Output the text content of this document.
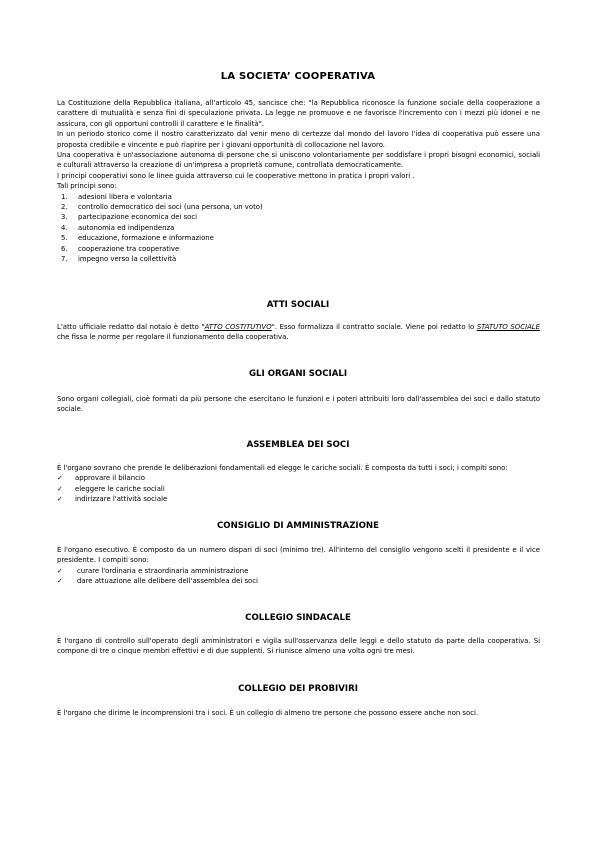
LA SOCIETA’ COOPERATIVA

La Costituzione della Repubblica italiana, all'articolo 45, sancisce che: "la Repubblica riconosce la funzione sociale della cooperazione a carattere di mutualità e senza fini di speculazione privata. La legge ne promuove e ne favorisce l'incremento con i mezzi più idonei e ne assicura, con gli opportuni controlli il carattere e le finalità".

In un periodo storico come il nostro caratterizzato dal venir meno di certezze dal mondo del lavoro l'idea di cooperativa può essere una proposta credibile e vincente e può riaprire per i giovani opportunità di collocazione nel lavoro.

Una cooperativa è un'associazione autonoma di persone che si uniscono volontariamente per soddisfare i propri bisogni economici, sociali e culturali attraverso la creazione di un'impresa a proprietà comune, controllata democraticamente.

I principi cooperativi sono le linee guida attraverso cui le cooperative mettono in pratica i propri valori .

Tali principi sono:

1. adesioni libera e volontaria
2. controllo democratico dei soci (una persona, un voto)
3. partecipazione economica dei soci
4. autonomia ed indipendenza
5. educazione, formazione e informazione
6. cooperazione tra cooperative
7. impegno verso la collettività
ATTI SOCIALI

L'atto ufficiale redatto dal notaio è detto "ATTO COSTITUTIVO". Esso formalizza il contratto sociale. Viene poi redatto lo STATUTO SOCIALE che fissa le norme per regolare il funzionamento della cooperativa.

GLI ORGANI SOCIALI

Sono organi collegiali, cioè formati da più persone che esercitano le funzioni e i poteri attribuiti loro dall'assemblea dei soci e dallo statuto sociale.

ASSEMBLEA DEI SOCI

È l'organo sovrano che prende le deliberazioni fondamentali ed elegge le cariche sociali. È composta da tutti i soci; i compiti sono:

✓ approvare il bilancio
✓ eleggere le cariche sociali
✓ indirizzare l'attività sociale
CONSIGLIO DI AMMINISTRAZIONE

È l'organo esecutivo. È composto da un numero dispari di soci (minimo tre). All'interno del consiglio vengono scelti il presidente e il vice presidente. I compiti sono:

✓ curare l'ordinaria e straordinaria amministrazione
✓ dare attuazione alle delibere dell'assemblea dei soci
COLLEGIO SINDACALE

È l'organo di controllo sull'operato degli amministratori e vigila sull'osservanza delle leggi e dello statuto da parte della cooperativa. Si compone di tre o cinque membri effettivi e di due supplenti. Si riunisce almeno una volta ogni tre mesi.

COLLEGIO DEI PROBIVIRI

È l'organo che dirime le incomprensioni tra i soci. È un collegio di almeno tre persone che possono essere anche non soci.
